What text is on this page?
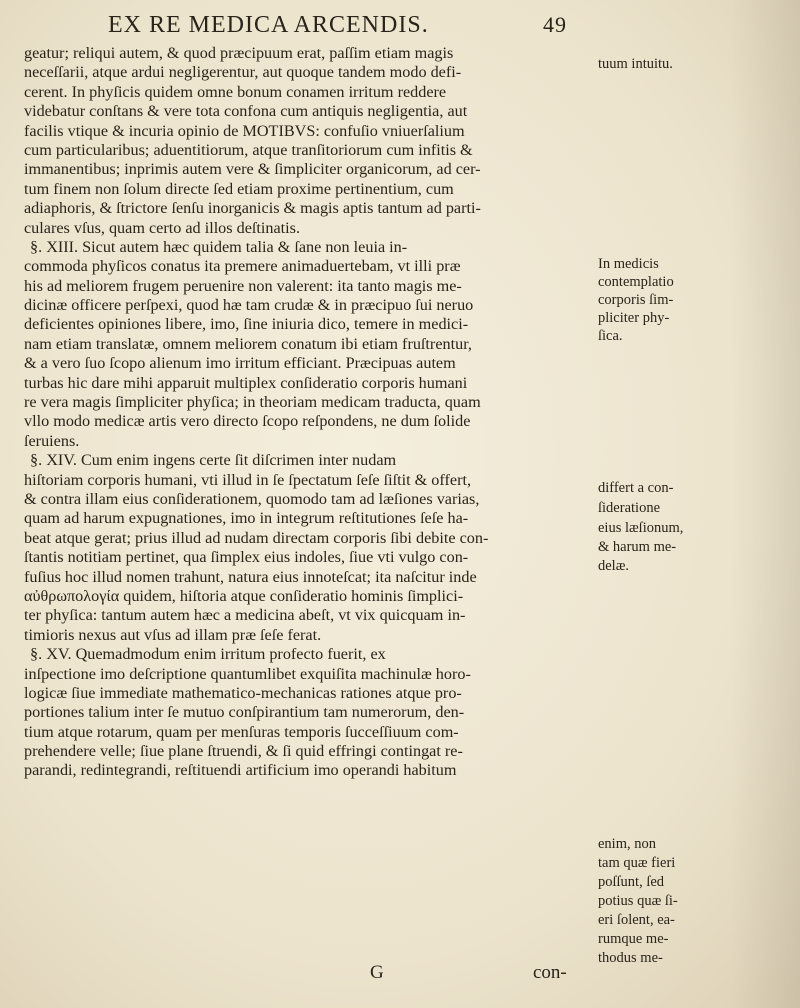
EX RE MEDICA ARCENDIS.	49
geatur; reliqui autem, & quod præcipuum erat, paſſim etiam magis
neceſſarii, atque ardui negligerentur, aut quoque tandem modo defi-
cerent. In phyſicis quidem omne bonum conamen irritum reddere
videbatur conſtans & vere tota confona cum antiquis negligentia, aut
facilis vtique & incuria opinio de MOTIBVS: confuſio vniuerſalium
cum particularibus; aduentitiorum, atque tranſitoriorum cum infitis &
immanentibus; inprimis autem vere & ſimpliciter organicorum, ad cer-
tum finem non ſolum directe ſed etiam proxime pertinentium, cum
adiaphoris, & ſtrictore ſenſu inorganicis & magis aptis tantum ad parti-
culares vſus, quam certo ad illos deſtinatis.
§. XIII. Sicut autem hæc quidem talia & ſane non leuia in-
commoda phyſicos conatus ita premere animaduertebam, vt illi præ
his ad meliorem frugem peruenire non valerent: ita tanto magis me-
dicinæ officere perſpexi, quod hæ tam crudæ & in præcipuo ſui neruo
deficientes opiniones libere, imo, ſine iniuria dico, temere in medici-
nam etiam translatæ, omnem meliorem conatum ibi etiam fruſtrentur,
& a vero ſuo ſcopo alienum imo irritum efficiant. Præcipuas autem
turbas hic dare mihi apparuit multiplex conſideratio corporis humani
re vera magis ſimpliciter phyſica; in theoriam medicam traducta, quam
vllo modo medicæ artis vero directo ſcopo reſpondens, ne dum ſolide
ſeruiens.
§. XIV. Cum enim ingens certe ſit diſcrimen inter nudam
hiſtoriam corporis humani, vti illud in ſe ſpectatum ſeſe ſiſtit & offert,
& contra illam eius conſiderationem, quomodo tam ad læſiones varias,
quam ad harum expugnationes, imo in integrum reſtitutiones ſeſe ha-
beat atque gerat; prius illud ad nudam directam corporis ſibi debite con-
ſtantis notitiam pertinet, qua ſimplex eius indoles, ſiue vti vulgo con-
fuſius hoc illud nomen trahunt, natura eius innoteſcat; ita naſcitur inde
αὐθρωπολογία quidem, hiſtoria atque conſideratio hominis ſimplici-
ter phyſica: tantum autem hæc a medicina abeſt, vt vix quicquam in-
timioris nexus aut vſus ad illam præ ſeſe ferat.
§. XV. Quemadmodum enim irritum profecto fuerit, ex
inſpectione imo deſcriptione quantumlibet exquiſita machinulæ horo-
logicæ ſiue immediate mathematico-mechanicas rationes atque pro-
portiones talium inter ſe mutuo conſpirantium tam numerorum, den-
tium atque rotarum, quam per menſuras temporis ſucceſſiuum com-
prehendere velle; ſiue plane ſtruendi, & ſi quid effringi contingat re-
parandi, redintegrandi, reſtituendi artificium imo operandi habitum
tuum intuitu.
In medicis
contemplatio
corporis ſim-
pliciter phy-
ſica.
differt a con-
ſideratione
eius læſionum,
& harum me-
delæ.
enim, non
tam quæ fieri
poſſunt, ſed
potius quæ ſi-
eri ſolent, ea-
rumque me-
thodus me-
G	con-
